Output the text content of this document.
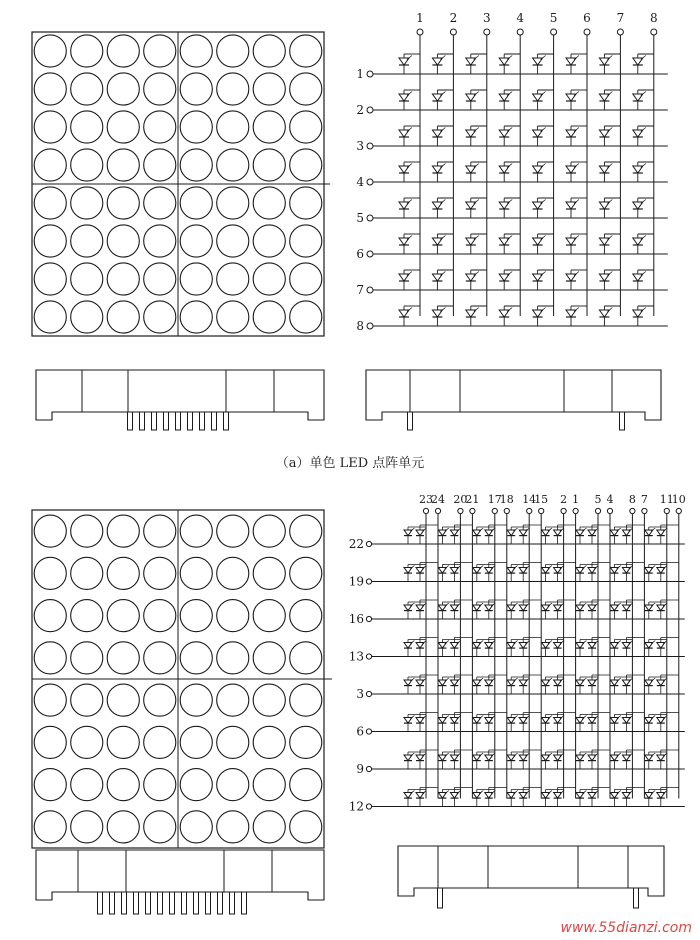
1 2 3 4 5 6 7 8
1
2
3
4
5
6
7
8
23
24 20
21 17
18 14
15 2 1 5 4 8 7 11
10
22
19
16
13
3
6
9
12
（a）单色 LED 点阵单元
www.55dianzi.com
